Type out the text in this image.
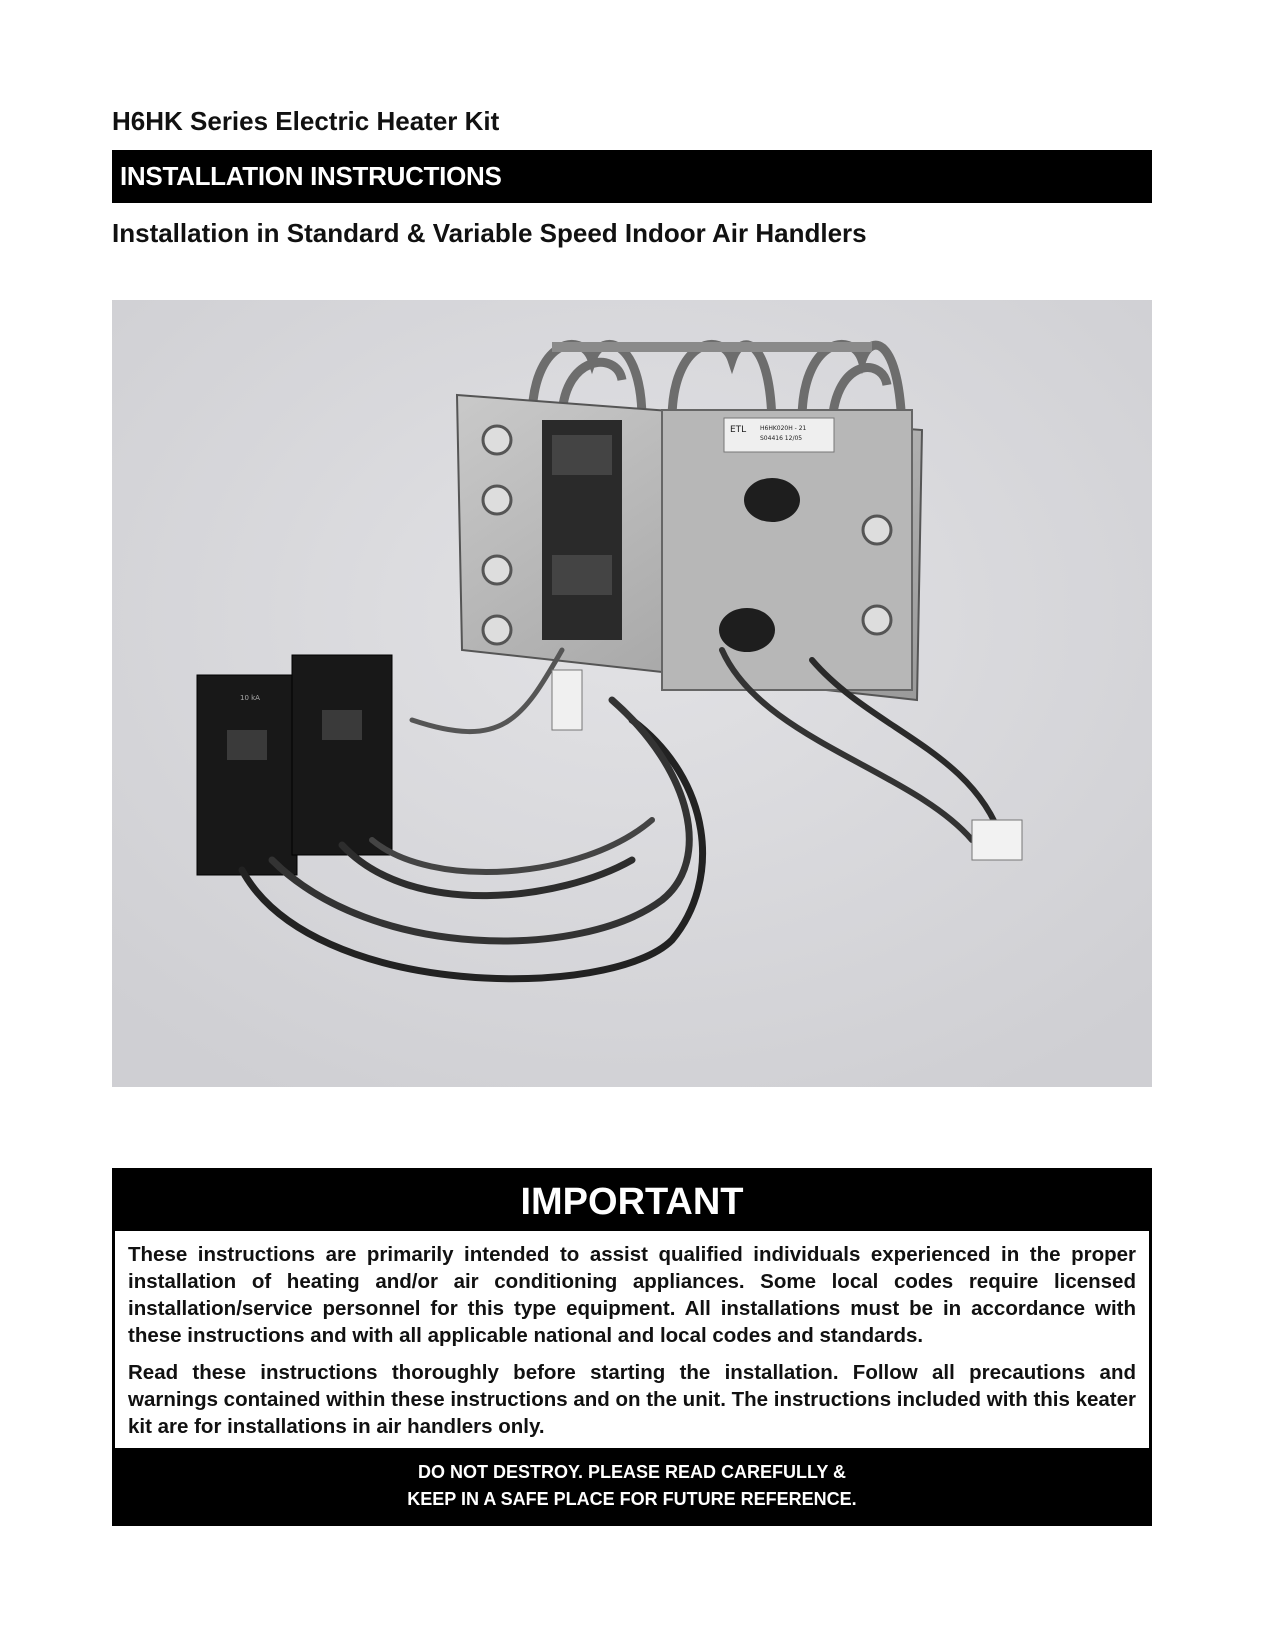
H6HK Series Electric Heater Kit
INSTALLATION INSTRUCTIONS
Installation in Standard & Variable Speed Indoor Air Handlers
ETL H6HK020H - 21
S04416 12/05
10 kA
IMPORTANT

These instructions are primarily intended to assist qualified individuals experienced in the proper installation of heating and/or air conditioning appliances. Some local codes require licensed installation/service personnel for this type equipment. All installations must be in accordance with these instructions and with all applicable national and local codes and standards.

Read these instructions thoroughly before starting the installation. Follow all precautions and warnings contained within these instructions and on the unit. The instructions included with this keater kit are for installations in air handlers only.

DO NOT DESTROY. PLEASE READ CAREFULLY &
KEEP IN A SAFE PLACE FOR FUTURE REFERENCE.
